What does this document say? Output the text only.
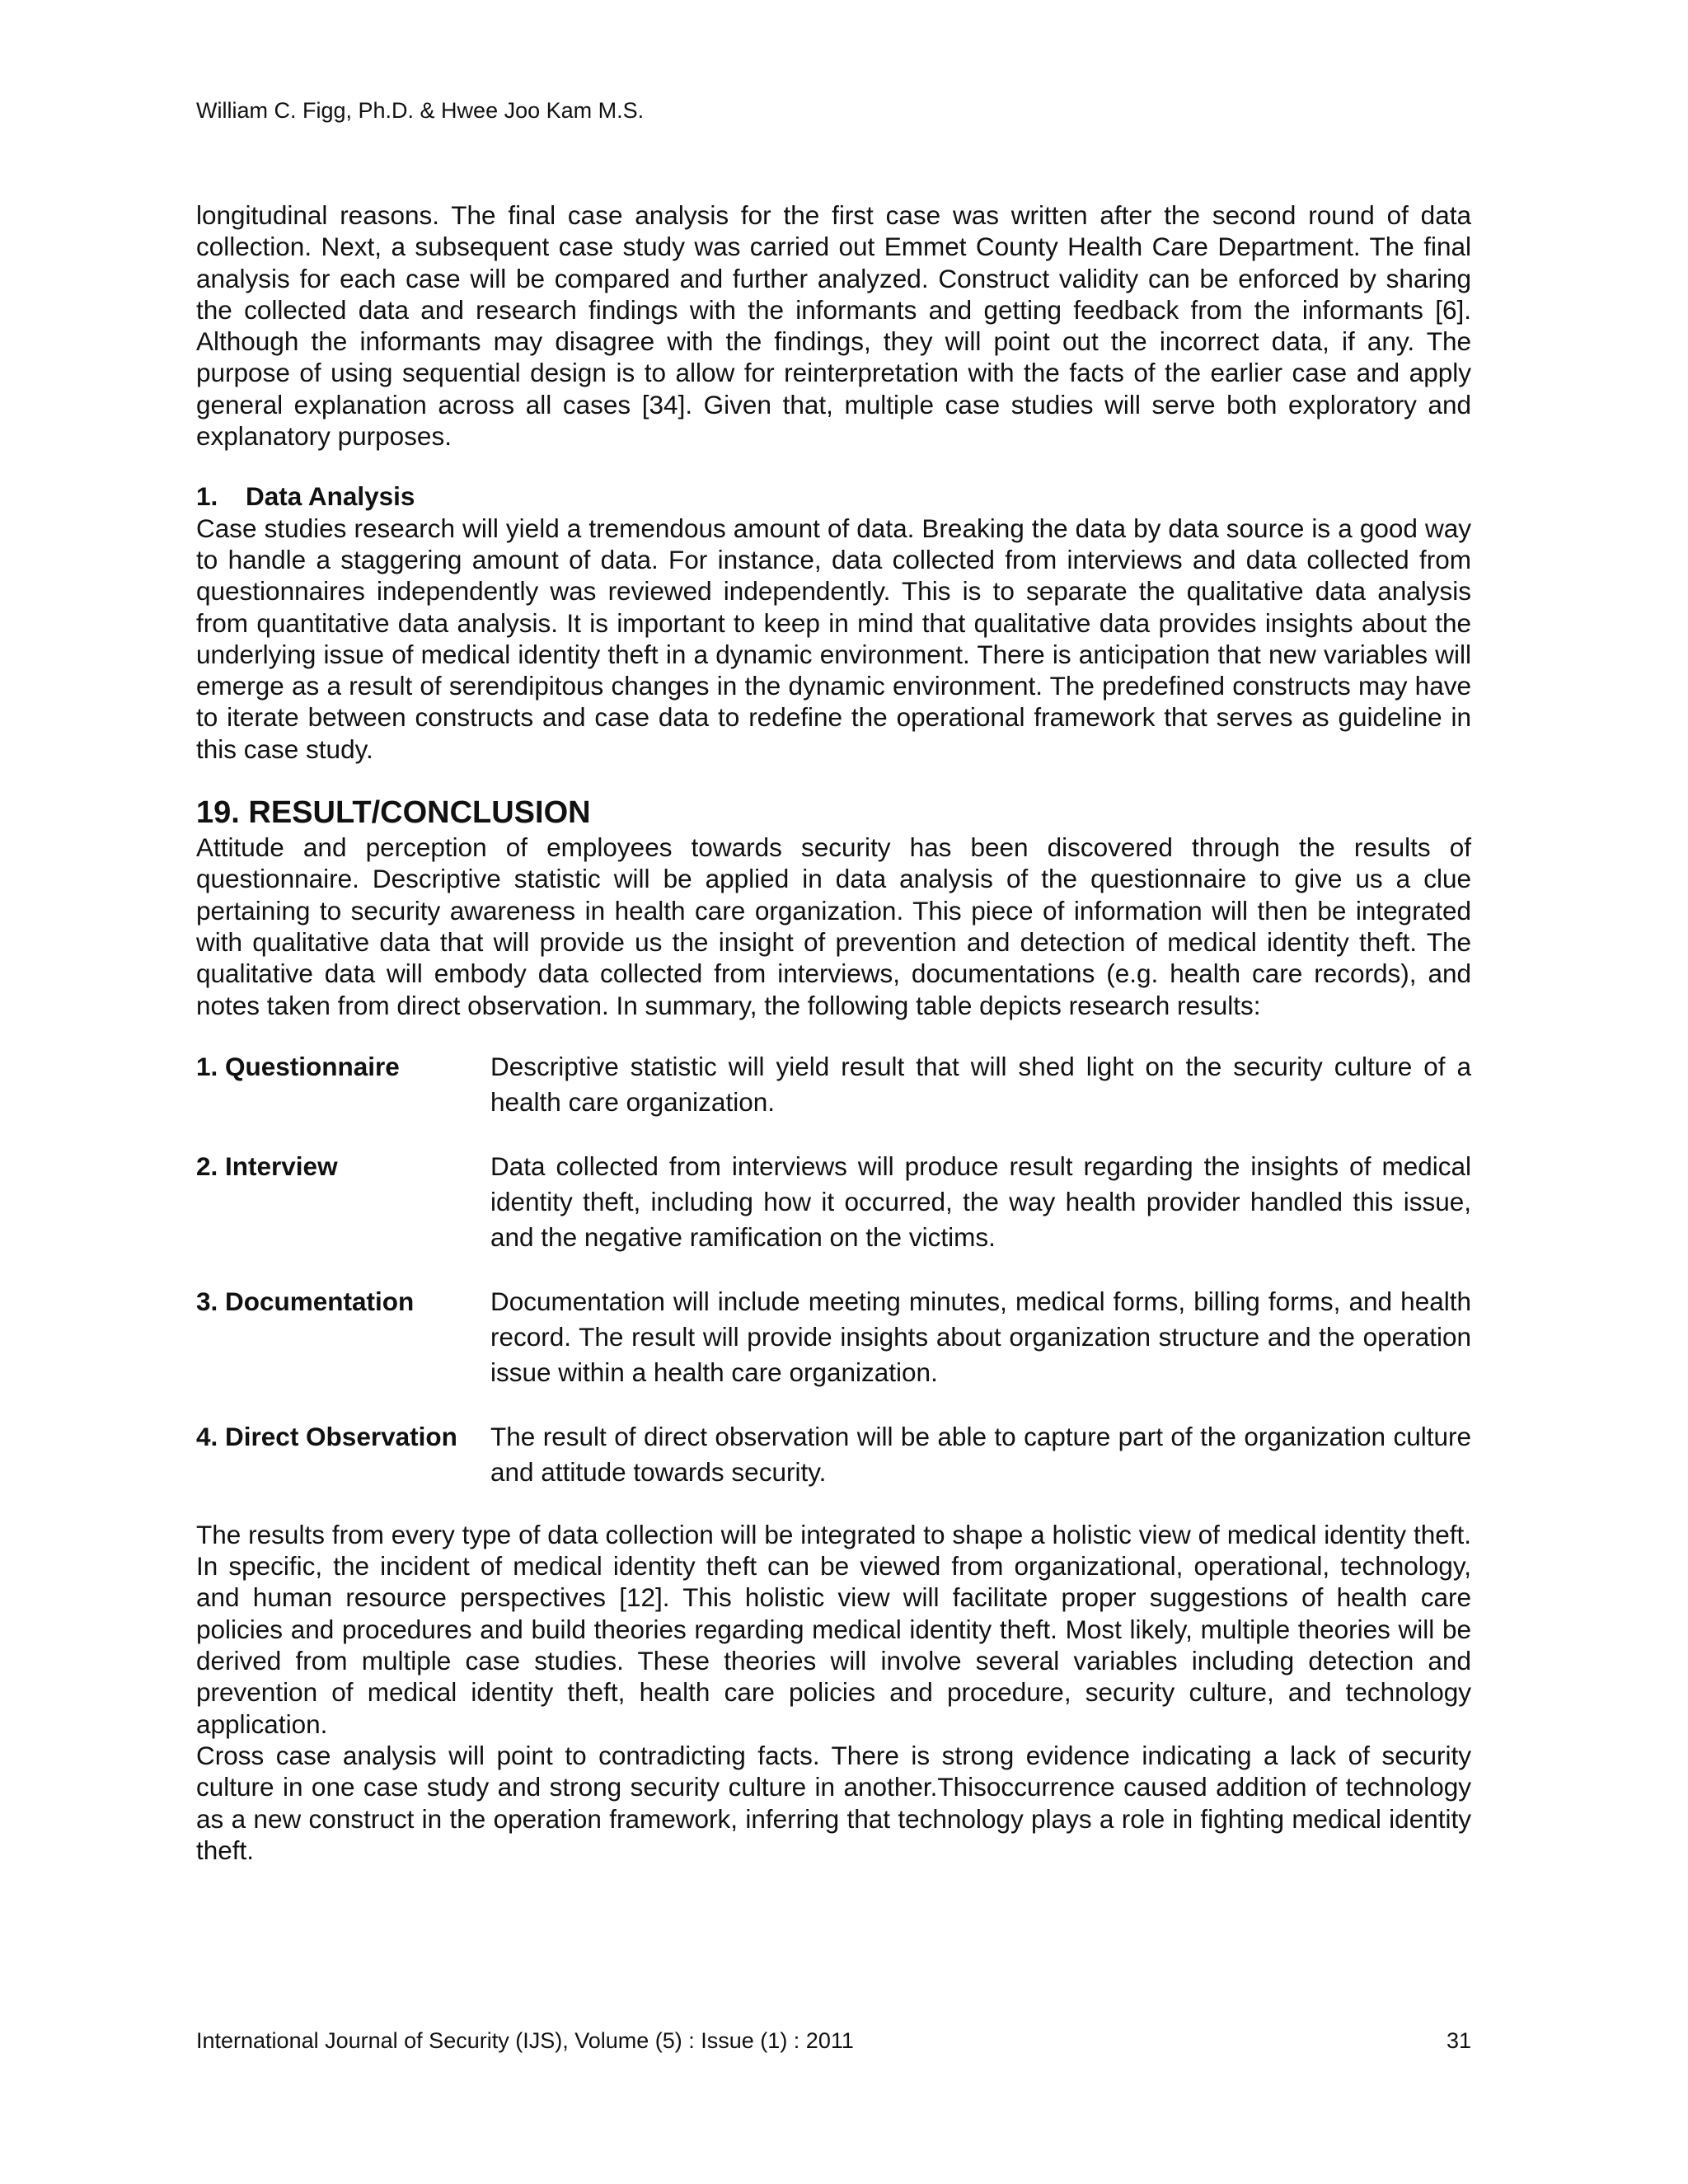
William C. Figg, Ph.D. & Hwee Joo Kam M.S.

longitudinal reasons. The final case analysis for the first case was written after the second round of data collection. Next, a subsequent case study was carried out Emmet County Health Care Department. The final analysis for each case will be compared and further analyzed. Construct validity can be enforced by sharing the collected data and research findings with the informants and getting feedback from the informants [6]. Although the informants may disagree with the findings, they will point out the incorrect data, if any. The purpose of using sequential design is to allow for reinterpretation with the facts of the earlier case and apply general explanation across all cases [34]. Given that, multiple case studies will serve both exploratory and explanatory purposes.

1. Data Analysis

Case studies research will yield a tremendous amount of data. Breaking the data by data source is a good way to handle a staggering amount of data. For instance, data collected from interviews and data collected from questionnaires independently was reviewed independently. This is to separate the qualitative data analysis from quantitative data analysis. It is important to keep in mind that qualitative data provides insights about the underlying issue of medical identity theft in a dynamic environment. There is anticipation that new variables will emerge as a result of serendipitous changes in the dynamic environment. The predefined constructs may have to iterate between constructs and case data to redefine the operational framework that serves as guideline in this case study.

19. RESULT/CONCLUSION

Attitude and perception of employees towards security has been discovered through the results of questionnaire. Descriptive statistic will be applied in data analysis of the questionnaire to give us a clue pertaining to security awareness in health care organization. This piece of information will then be integrated with qualitative data that will provide us the insight of prevention and detection of medical identity theft. The qualitative data will embody data collected from interviews, documentations (e.g. health care records), and notes taken from direct observation. In summary, the following table depicts research results:

1. Questionnaire	Descriptive statistic will yield result that will shed light on the security culture of a health care organization.
2. Interview	Data collected from interviews will produce result regarding the insights of medical identity theft, including how it occurred, the way health provider handled this issue, and the negative ramification on the victims.
3. Documentation	Documentation will include meeting minutes, medical forms, billing forms, and health record. The result will provide insights about organization structure and the operation issue within a health care organization.
4. Direct Observation	The result of direct observation will be able to capture part of the organization culture and attitude towards security.

The results from every type of data collection will be integrated to shape a holistic view of medical identity theft. In specific, the incident of medical identity theft can be viewed from organizational, operational, technology, and human resource perspectives [12]. This holistic view will facilitate proper suggestions of health care policies and procedures and build theories regarding medical identity theft. Most likely, multiple theories will be derived from multiple case studies. These theories will involve several variables including detection and prevention of medical identity theft, health care policies and procedure, security culture, and technology application.

Cross case analysis will point to contradicting facts. There is strong evidence indicating a lack of security culture in one case study and strong security culture in another.Thisoccurrence caused addition of technology as a new construct in the operation framework, inferring that technology plays a role in fighting medical identity theft.

International Journal of Security (IJS), Volume (5) : Issue (1) : 2011	31
